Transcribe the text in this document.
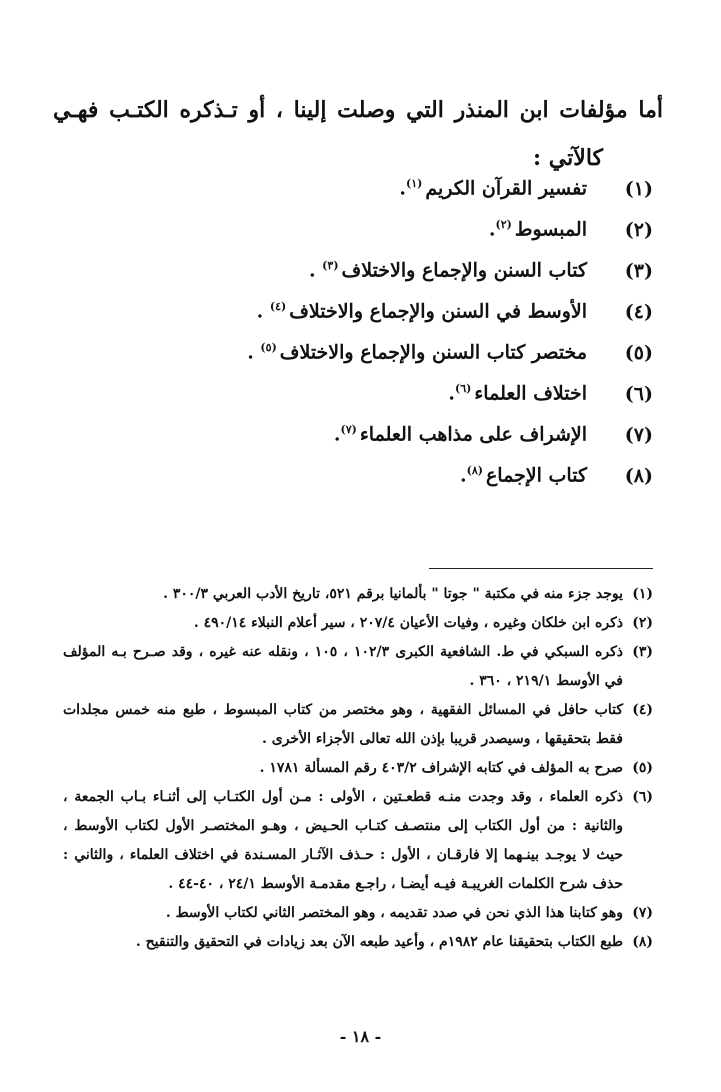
أما مؤلفات ابن المنذر التي وصلت إلينا ، أو تـذكره الكتـب فهـي

كالآتي :

(١)
تفسير القرآن الكريم$^{(١)}$.
(٢)
المبسوط$^{(٢)}$.
(٣)
كتاب السنن والإجماع والاختلاف$^{(٣)}$ .
(٤)
الأوسط في السنن والإجماع والاختلاف$^{(٤)}$ .
(٥)
مختصر كتاب السنن والإجماع والاختلاف$^{(٥)}$ .
(٦)
اختلاف العلماء$^{(٦)}$.
(٧)
الإشراف على مذاهب العلماء$^{(٧)}$.
(٨)
كتاب الإجماع$^{(٨)}$.
(١)
يوجد جزء منه في مكتبة " جوتا " بألمانيا برقم ٥٢١، تاريخ الأدب العربي ٣٠٠/٣ .
(٢)
ذكره ابن خلكان وغيره ، وفيات الأعيان ٢٠٧/٤ ، سير أعلام النبلاء ٤٩٠/١٤ .
(٣)
ذكره السبكي في ط. الشافعية الكبرى ١٠٢/٣ ، ١٠٥ ، ونقله عنه غيره ، وقد صـرح بـه المؤلف في الأوسط ٢١٩/١ ، ٣٦٠ .
(٤)
كتاب حافل في المسائل الفقهية ، وهو مختصر من كتاب المبسوط ، طبع منه خمس مجلدات فقط بتحقيقها ، وسيصدر قريبا بإذن الله تعالى الأجزاء الأخرى .
(٥)
صرح به المؤلف في كتابه الإشراف ٤٠٣/٢ رقم المسألة ١٧٨١ .
(٦)
ذكره العلماء ، وقد وجدت منـه قطعـتين ، الأولى : مـن أول الكتـاب إلى أثنـاء بـاب الجمعة ، والثانية : من أول الكتاب إلى منتصـف كتـاب الحـيض ، وهـو المختصـر الأول لكتاب الأوسط ، حيث لا يوجـد بينـهما إلا فارقـان ، الأول : حـذف الآثـار المسـندة في اختلاف العلماء ، والثاني : حذف شرح الكلمات الغريبـة فيـه أيضـا ، راجـع مقدمـة الأوسط ٢٤/١ ، ٤٠-٤٤ .
(٧)
وهو كتابنا هذا الذي نحن في صدد تقديمه ، وهو المختصر الثاني لكتاب الأوسط .
(٨)
طبع الكتاب بتحقيقنا عام ١٩٨٢م ، وأعيد طبعه الآن بعد زيادات في التحقيق والتنقيح .
- ١٨ -
